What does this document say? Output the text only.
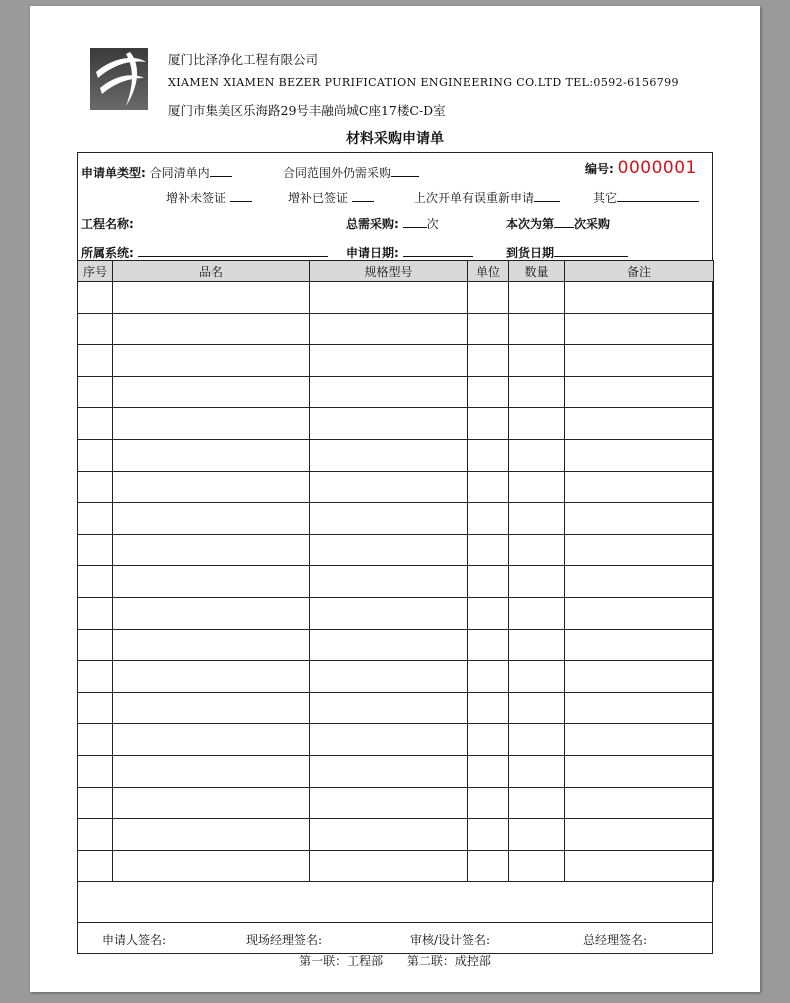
厦门比泽净化工程有限公司
XIAMEN XIAMEN BEZER PURIFICATION ENGINEERING CO.LTD TEL:0592-6156799
厦门市集美区乐海路29号丰融尚城C座17楼C-D室
材料采购申请单
申请单类型: 合同清单内	合同范围外仍需采购	编号: 0000001
增补未签证	增补已签证	上次开单有误重新申请	其它
工程名称:	总需采购: 次	本次为第 次采购
所属系统:	申请日期:	到货日期
序号	品名	规格型号	单位	数量	备注

申请人签名:	现场经理签名:	审核/设计签名:	总经理签名:
第一联：工程部 第二联：成控部
